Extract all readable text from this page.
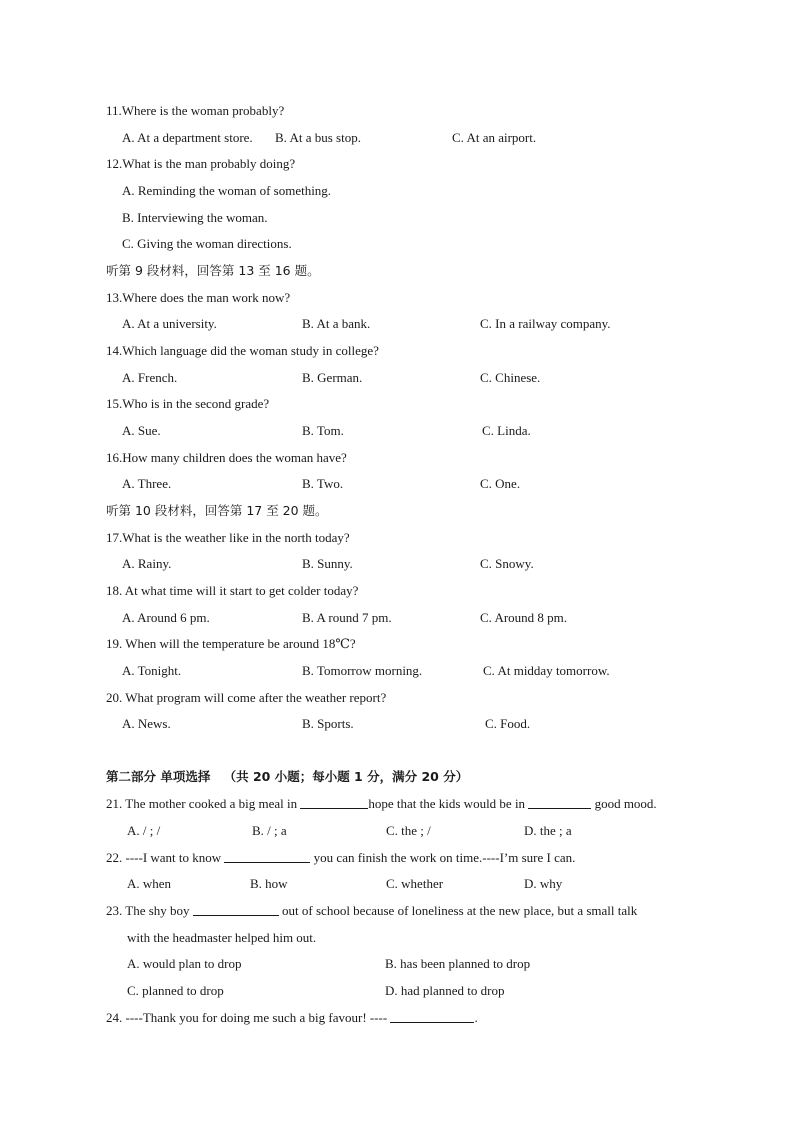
11.Where is the woman probably?
A. At a department store. B. At a bus stop.	C. At an airport.
12.What is the man probably doing?
A. Reminding the woman of something.
B. Interviewing the woman.
C. Giving the woman directions.
听第 9 段材料，回答第 13 至 16 题。
13.Where does the man work now?
A. At a university.	B. At a bank.	C. In a railway company.
14.Which language did the woman study in college?
A. French.	B. German.	C. Chinese.
15.Who is in the second grade?
A. Sue.	B. Tom.	C. Linda.
16.How many children does the woman have?
A. Three.	B. Two.	C. One.
听第 10 段材料，回答第 17 至 20 题。
17.What is the weather like in the north today?
A. Rainy.	B. Sunny.	C. Snowy.
18. At what time will it start to get colder today?
A. Around 6 pm.	B. A round 7 pm.	C. Around 8 pm.
19. When will the temperature be around 18℃?
A. Tonight.	B. Tomorrow morning.	C. At midday tomorrow.
20. What program will come after the weather report?
A. News.	B. Sports.	C. Food.
第二部分 单项选择 （共 20 小题；每小题 1 分，满分 20 分）
21. The mother cooked a big meal in	hope that the kids would be in	good mood.
A. / ; /	B. / ; a	C. the ; /	D. the ; a
22. ----I want to know	you can finish the work on time.----I’m sure I can.
A. when	B. how	C. whether	D. why
23. The shy boy	out of school because of loneliness at the new place, but a small talk
with the headmaster helped him out.
A. would plan to drop	B. has been planned to drop
C. planned to drop	D. had planned to drop
24. ----Thank you for doing me such a big favour! ----	.
